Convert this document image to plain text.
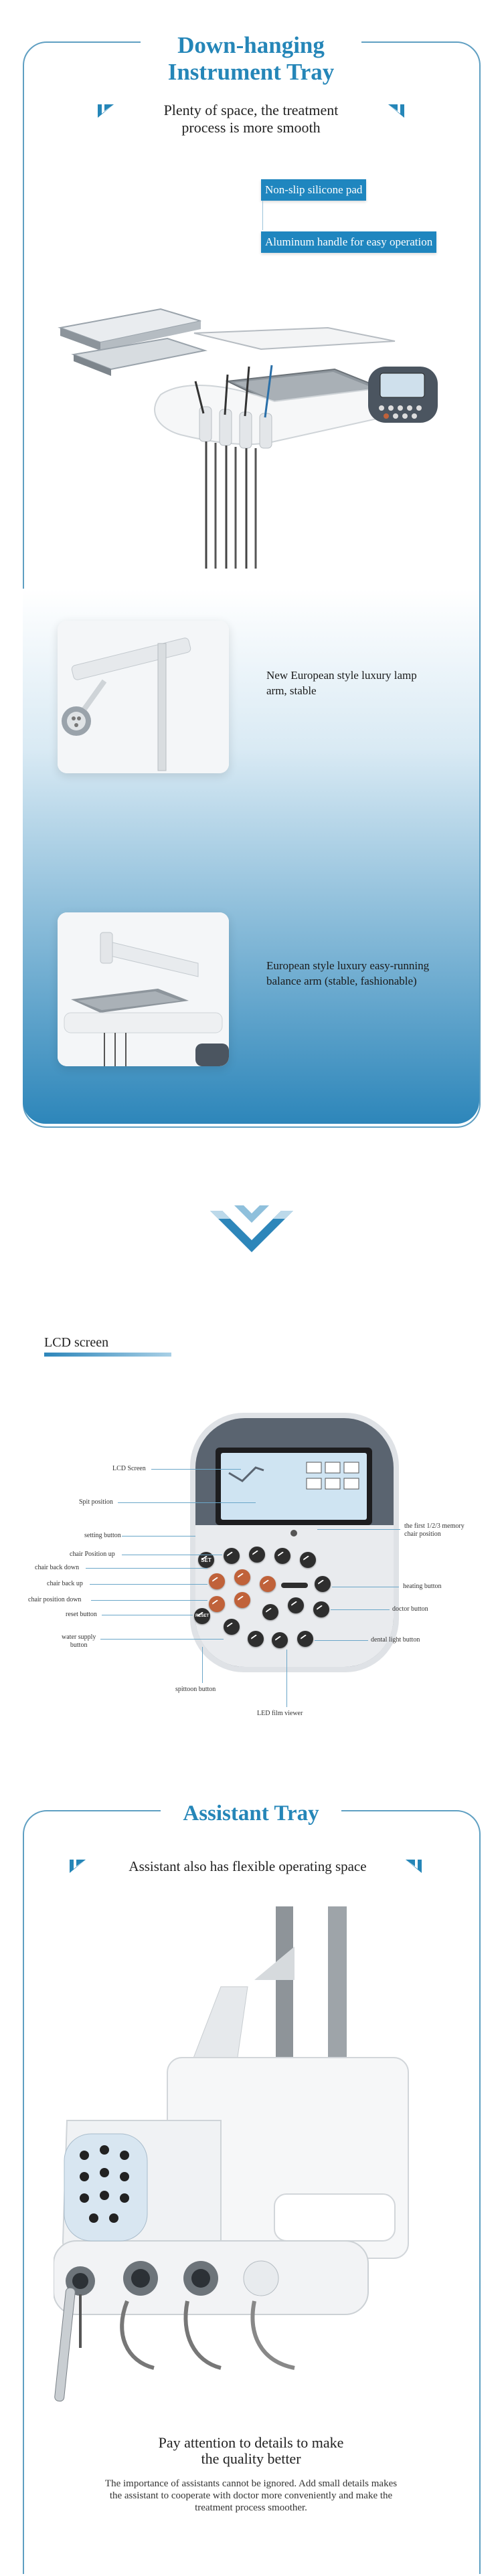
Down-hanging
Instrument Tray
Plenty of space, the treatment
process is more smooth
Non-slip silicone pad
Aluminum handle for easy operation
New European style luxury lamp
arm, stable
European style luxury easy-running
balance arm (stable, fashionable)
LCD screen
SET
RESET
LCD Screen
Spit position
setting button
chair Position up
chair back down
chair back up
chair position down
reset button
water supply
button
spittoon button
LED film viewer
the first 1/2/3 memory
chair position
heating button
doctor button
dental light button
Assistant Tray
Assistant also has flexible operating space
Pay attention to details to make
the quality better
The importance of assistants cannot be ignored. Add small details makes
the assistant to cooperate with doctor more conveniently and make the
treatment process smoother.
